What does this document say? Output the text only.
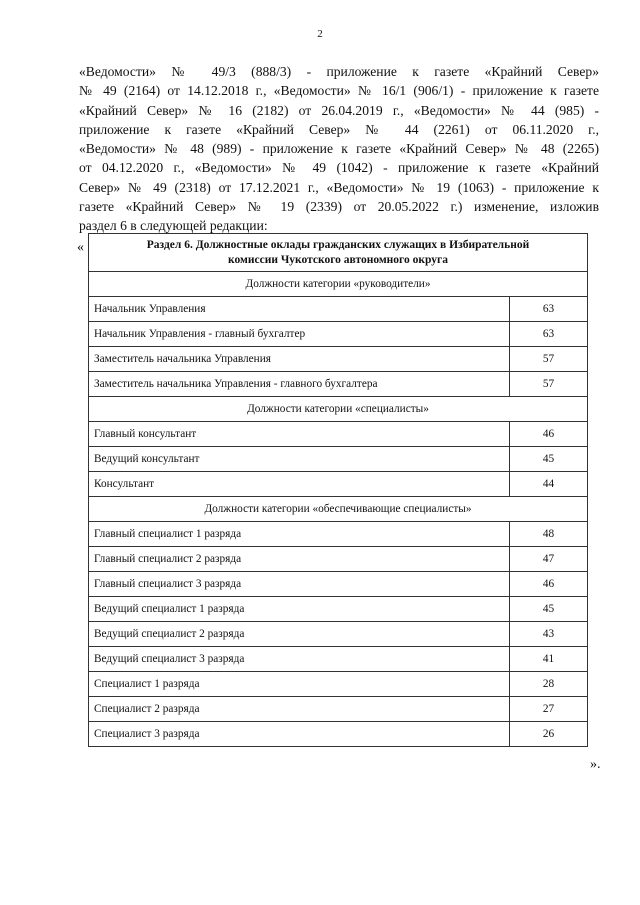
2

«Ведомости» № 49/3 (888/3) - приложение к газете «Крайний Север»
№ 49 (2164) от 14.12.2018 г., «Ведомости» № 16/1 (906/1) - приложение к газете
«Крайний Север» № 16 (2182) от 26.04.2019 г., «Ведомости» № 44 (985) -
приложение к газете «Крайний Север» № 44 (2261) от 06.11.2020 г.,
«Ведомости» № 48 (989) - приложение к газете «Крайний Север» № 48 (2265)
от 04.12.2020 г., «Ведомости» № 49 (1042) - приложение к газете «Крайний
Север» № 49 (2318) от 17.12.2021 г., «Ведомости» № 19 (1063) - приложение к
газете «Крайний Север» № 19 (2339) от 20.05.2022 г.) изменение, изложив
раздел 6 в следующей редакции:

«	Раздел 6. Должностные оклады гражданских служащих в Избирательной
комиссии Чукотского автономного округа	
Должности категории «руководители»	
Начальник Управления	63
Начальник Управления - главный бухгалтер	63
Заместитель начальника Управления	57
Заместитель начальника Управления - главного бухгалтера	57
Должности категории «специалисты»	
Главный консультант	46
Ведущий консультант	45
Консультант	44
Должности категории «обеспечивающие специалисты»	
Главный специалист 1 разряда	48
Главный специалист 2 разряда	47
Главный специалист 3 разряда	46
Ведущий специалист 1 разряда	45
Ведущий специалист 2 разряда	43
Ведущий специалист 3 разряда	41
Специалист 1 разряда	28
Специалист 2 разряда	27
Специалист 3 разряда	26
».
